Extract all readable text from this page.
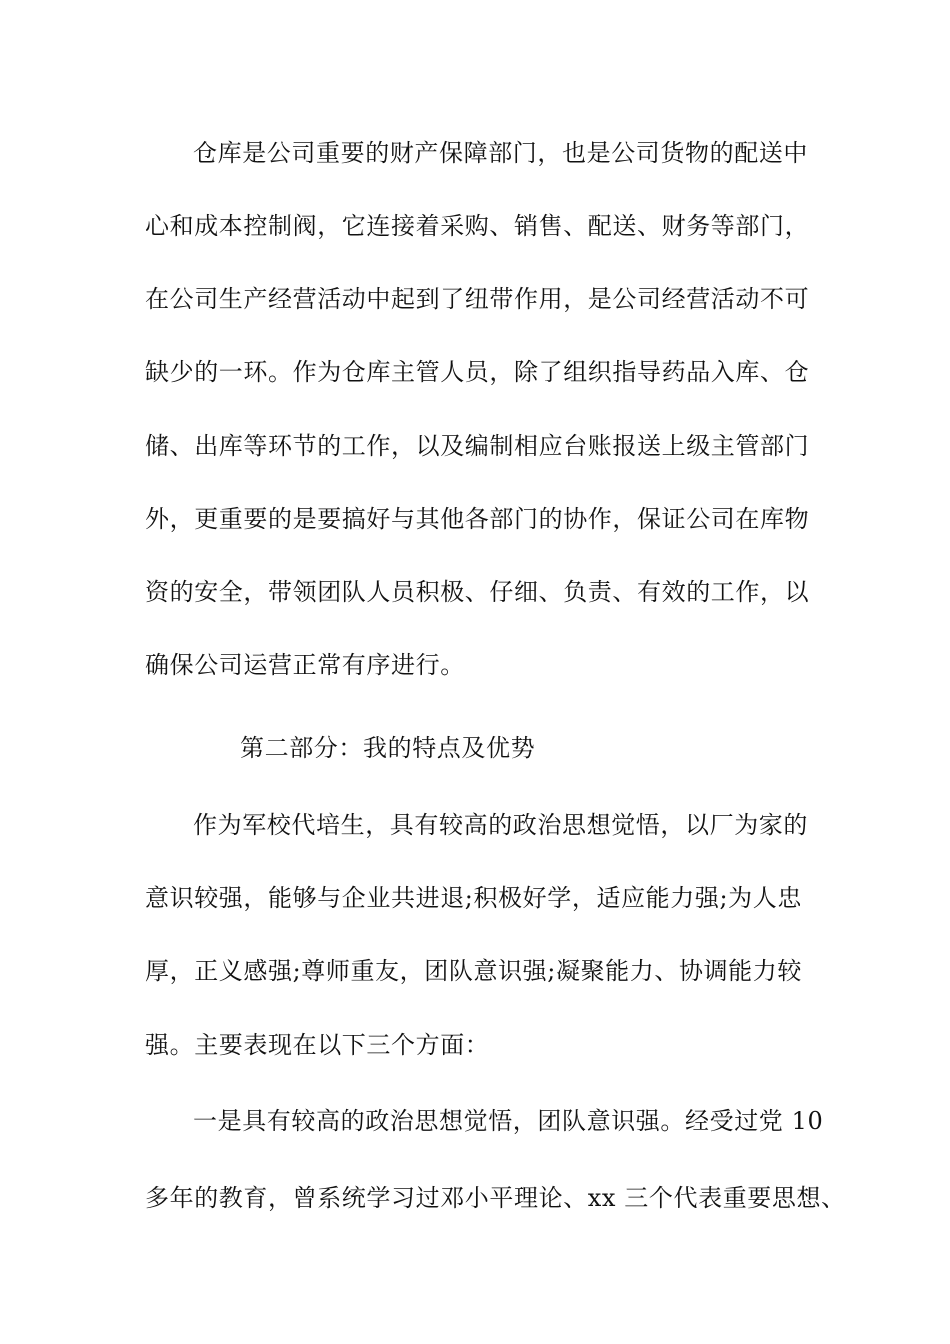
仓库是公司重要的财产保障部门，也是公司货物的配送中
心和成本控制阀，它连接着采购、销售、配送、财务等部门，
在公司生产经营活动中起到了纽带作用，是公司经营活动不可
缺少的一环。作为仓库主管人员，除了组织指导药品入库、仓
储、出库等环节的工作，以及编制相应台账报送上级主管部门
外，更重要的是要搞好与其他各部门的协作，保证公司在库物
资的安全，带领团队人员积极、仔细、负责、有效的工作，以
确保公司运营正常有序进行。
第二部分：我的特点及优势
作为军校代培生，具有较高的政治思想觉悟，以厂为家的
意识较强，能够与企业共进退;积极好学，适应能力强;为人忠
厚，正义感强;尊师重友，团队意识强;凝聚能力、协调能力较
强。主要表现在以下三个方面：
一是具有较高的政治思想觉悟，团队意识强。经受过党 10
多年的教育，曾系统学习过邓小平理论、xx 三个代表重要思想、
